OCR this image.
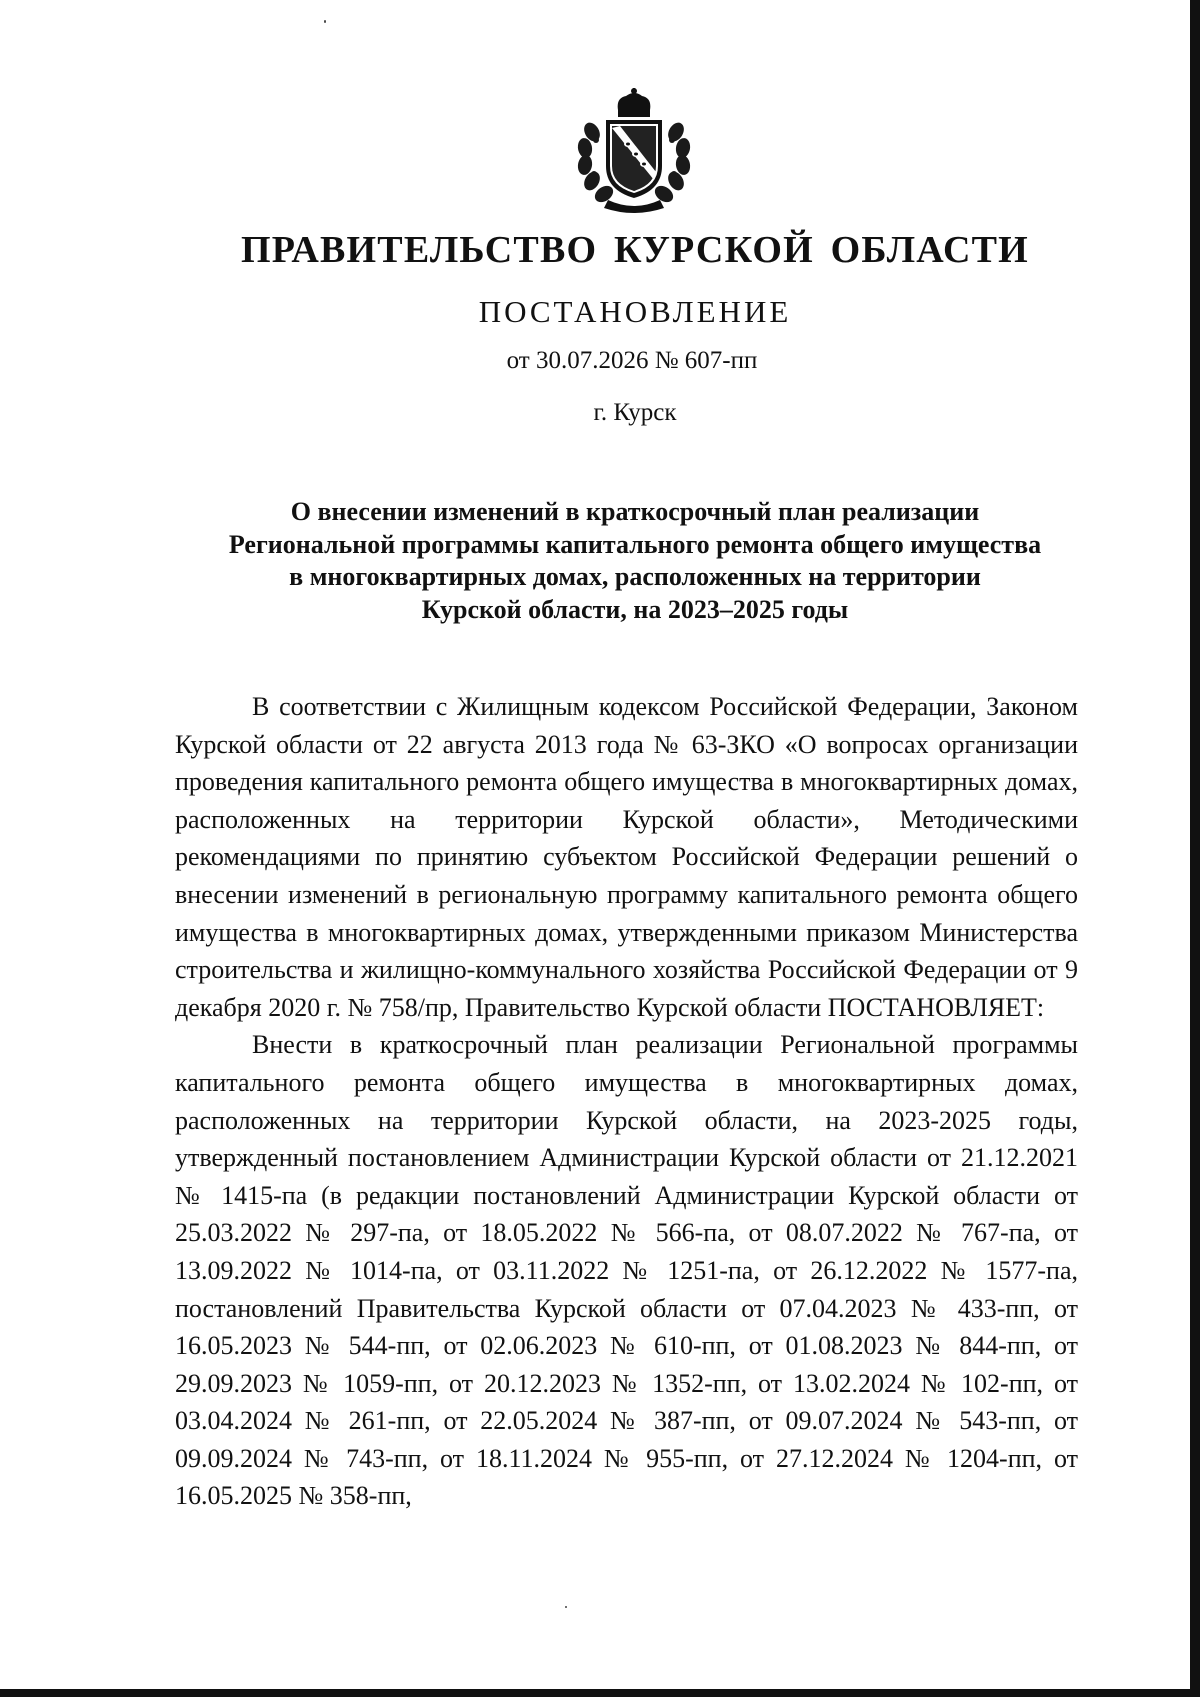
ПРАВИТЕЛЬСТВО КУРСКОЙ ОБЛАСТИ
ПОСТАНОВЛЕНИЕ
от 30.07.2026 № 607-пп
г. Курск
О внесении изменений в краткосрочный план реализации
Региональной программы капитального ремонта общего имущества
в многоквартирных домах, расположенных на территории
Курской области, на 2023–2025 годы

В соответствии с Жилищным кодексом Российской Федерации, Законом Курской области от 22 августа 2013 года № 63-ЗКО «О вопросах организации проведения капитального ремонта общего имущества в многоквартирных домах, расположенных на территории Курской области», Методическими рекомендациями по принятию субъектом Российской Федерации решений о внесении изменений в региональную программу капитального ремонта общего имущества в многоквартирных домах, утвержденными приказом Министерства строительства и жилищно-коммунального хозяйства Российской Федерации от 9 декабря 2020 г. № 758/пр, Правительство Курской области ПОСТАНОВЛЯЕТ:

Внести в краткосрочный план реализации Региональной программы капитального ремонта общего имущества в многоквартирных домах, расположенных на территории Курской области, на 2023-2025 годы, утвержденный постановлением Администрации Курской области от 21.12.2021 № 1415-па (в редакции постановлений Администрации Курской области от 25.03.2022 № 297-па, от 18.05.2022 № 566-па, от 08.07.2022 № 767-па, от 13.09.2022 № 1014-па, от 03.11.2022 № 1251-па, от 26.12.2022 № 1577-па, постановлений Правительства Курской области от 07.04.2023 № 433-пп, от 16.05.2023 № 544-пп, от 02.06.2023 № 610-пп, от 01.08.2023 № 844-пп, от 29.09.2023 № 1059-пп, от 20.12.2023 № 1352-пп, от 13.02.2024 № 102-пп, от 03.04.2024 № 261-пп, от 22.05.2024 № 387-пп, от 09.07.2024 № 543-пп, от 09.09.2024 № 743-пп, от 18.11.2024 № 955-пп, от 27.12.2024 № 1204-пп, от 16.05.2025 № 358-пп,
